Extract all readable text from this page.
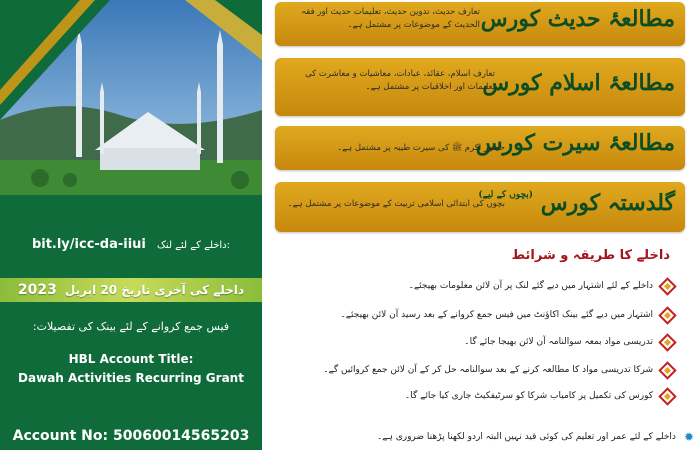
bit.ly/icc-da-iiui داخلے کے لئے لنک:
2023 داخلے کی آخری تاریخ 20 اپریل
فیس جمع کروانے کے لئے بینک کی تفصیلات:
HBL Account Title:
Dawah Activities Recurring Grant
Account No: 50060014565203
مطالعۂ حدیث کورس
تعارف حدیث، تدوین حدیث، تعلیمات حدیث اور فقہ الحدیث کے موضوعات پر مشتمل ہے۔
مطالعۂ اسلام کورس
تعارف اسلام، عقائد، عبادات، معاشیات و معاشرت کی تعلیمات اور اخلاقیات پر مشتمل ہے۔
مطالعۂ سیرت کورس
حضور اکرم ﷺ کی سیرت طیبہ پر مشتمل ہے۔
گلدستہ کورس $^{(بچوں کے لیے)}$
بچوں کی ابتدائی اسلامی تربیت کے موضوعات پر مشتمل ہے۔
داخلے کا طریقہ و شرائط
داخلے کے لئے اشتہار میں دیے گئے لنک پر آن لائن معلومات بھیجئے۔
اشتہار میں دیے گئے بینک اکاؤنٹ میں فیس جمع کروانے کے بعد رسید آن لائن بھیجئے۔
تدریسی مواد بمعہ سوالنامہ آن لائن بھیجا جائے گا۔
شرکا تدریسی مواد کا مطالعہ کرنے کے بعد سوالنامہ حل کر کے آن لائن جمع کروائیں گے۔
کورس کی تکمیل پر کامیاب شرکا کو سرٹیفکیٹ جاری کیا جائے گا۔
✹
داخلے کے لئے عمر اور تعلیم کی کوئی قید نہیں البتہ اردو لکھنا پڑھنا ضروری ہے۔
